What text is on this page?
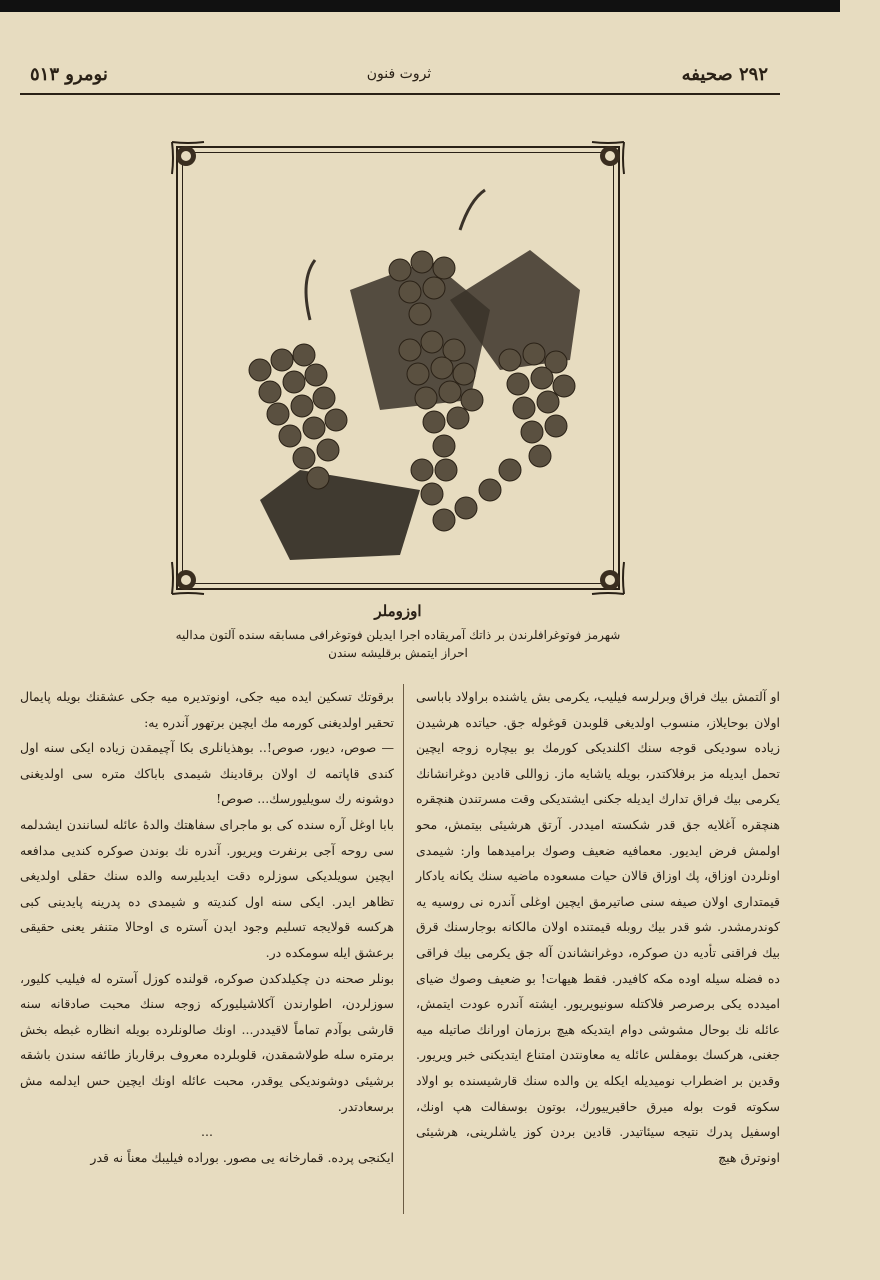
٢٩٢ صحيفه
ثروت فنون
نومرو ٥١٣
اوزوملر
شهرمز فوتوغرافلرندن بر ذاتك آمريقاده اجرا ايديلن فوتوغرافى مسابقه سنده آلتون مداليه احراز ايتمش برقليشه سندن

او آلتمش بيك فراق وبرلرسه فيليب، يكرمى بش ياشنده براولاد باباسى اولان بوحايلاز، منسوب اولديغى قلوبدن قوغوله جق. حياتده هرشيدن زياده سوديكى قوجه سنك اكلنديكى كورمك بو بيچاره زوجه ايچين تحمل ايديله مز برفلاكتدر، بويله ياشايه ماز. زواللى قادين دوغرانشانك يكرمى بيك فراق تدارك ايديله جكنى ايشتديكى وقت مسرتندن هنچقره هنچقره آغلايه جق قدر شكسته اميددر. آرتق هرشيئى بيتمش، محو اولمش فرض ايديور. معمافيه ضعيف وصوك براميدهما وار: شيمدى اونلردن اوزاق، پك اوزاق قالان حيات مسعوده ماضيه سنك يكانه يادكار قيمتدارى اولان صيفه سنى صاتيرمق ايچين اوغلى آندره نى روسيه يه كوندرمشدر. شو قدر بيك روبله قيمتنده اولان مالكانه بوجارسنك قرق بيك فراقنى تأديه دن صوكره، دوغرانشاندن آله جق يكرمى بيك فراقى ده فضله سيله اوده مكه كافيدر. فقط هيهات! بو ضعيف وصوك ضياى اميدده يكى برصرصر فلاكتله سونيويريور. ايشته آندره عودت ايتمش، عائله نك بوحال مشوشى دوام ايتديكه هيچ برزمان اورانك صاتيله ميه جغنى، هركسك بومفلس عائله يه معاونتدن امتناع ايتديكنى خبر ويريور. وقدين بر اضطراب نوميديله ايكله ين والده سنك قارشيسنده بو اولاد سكوته قوت بوله ميرق حاقيرييورك، بوتون بوسفالت هپ اونك، اوسفيل پدرك نتيجه سيئاتيدر. قادين بردن كوز ياشلرينى، هرشيئى اونوترق هيچ

برقوتك تسكين ايده ميه جكى، اونوتديره ميه جكى عشقنك بويله پايمال تحقير اولديغنى كورمه مك ايچين برتهور آندره يه:

— صوص، ديور، صوص!.. بوهذيانلرى بكا آچيمقدن زياده ايكى سنه اول كندى قاپاتمه ك اولان برقادينك شيمدى باباكك متره سى اولديغنى دوشونه رك سويليورسك... صوص!

بابا اوغل آره سنده كى بو ماجراى سفاهتك والدۀ عائله لسانندن ايشدلمه سى روحه آجى برنفرت ويريور. آندره نك بوندن صوكره كنديى مدافعه ايچين سويلديكى سوزلره دقت ايديليرسه والده سنك حقلى اولديغى تظاهر ايدر. ايكى سنه اول كنديته و شيمدى ده پدرينه پايدينى كبى هركسه قولايجه تسليم وجود ايدن آستره ى اوحالا متنفر يعنى حقيقى برعشق ايله سومكده در.

بونلر صحنه دن چكيلدكدن صوكره، قولنده كوزل آستره له فيليب كليور، سوزلردن، اطوارندن آكلاشيليوركه زوجه سنك محبت صادقانه سنه قارشى بوآدم تماماً لاقيددر... اونك صالونلرده بويله انظاره غبطه بخش برمتره سله طولاشمقدن، قلوبلرده معروف برقارباز طائفه سندن باشقه برشيئى دوشونديكى يوقدر، محبت عائله اونك ايچين حس ايدلمه مش برسعادتدر.

...

ايكنجى پرده. قمارخانه يى مصور. بوراده فيليبك معناً نه قدر
